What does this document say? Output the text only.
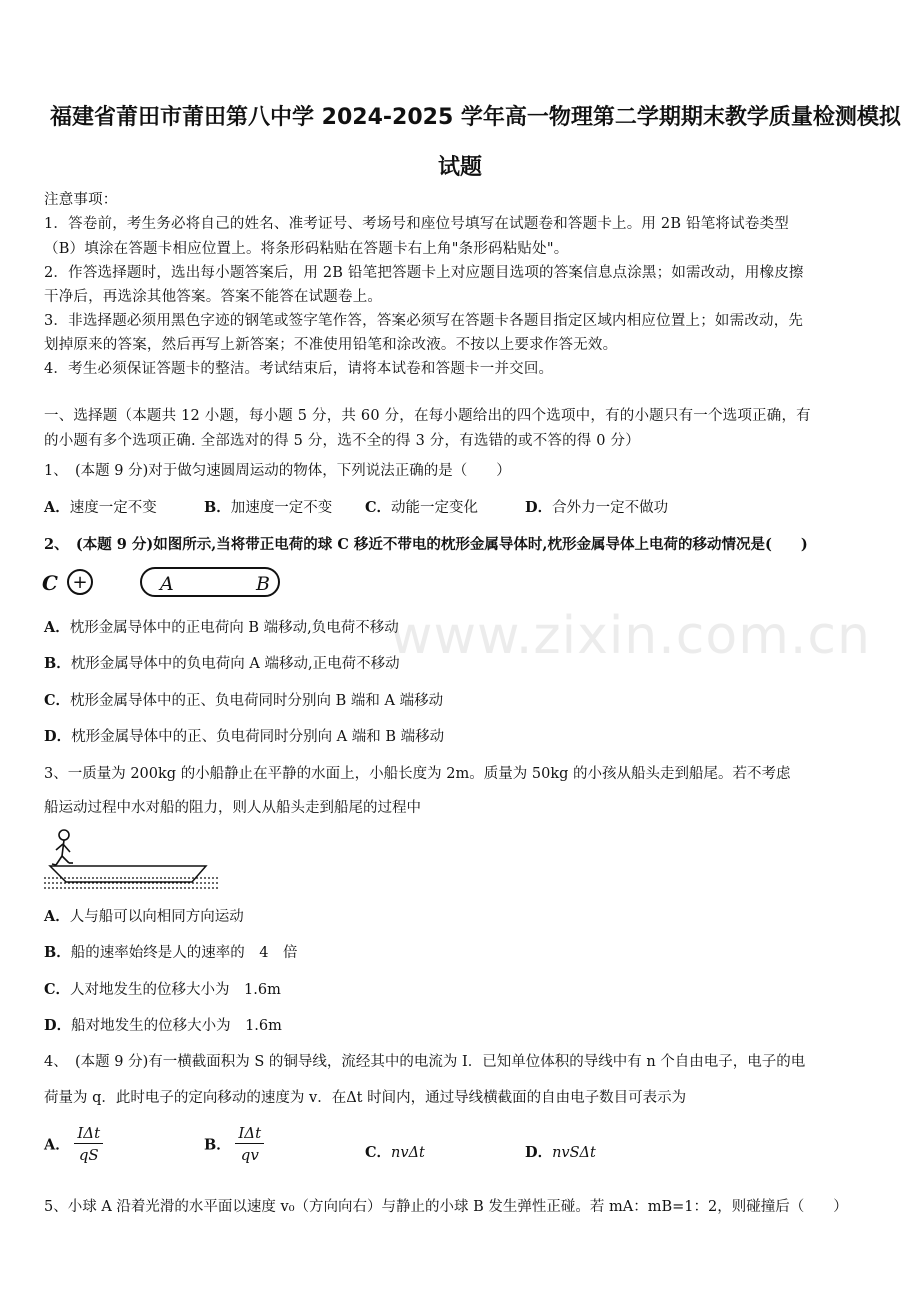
福建省莆田市莆田第八中学 2024-2025 学年高一物理第二学期期末教学质量检测模拟
试题
注意事项：
1．答卷前，考生务必将自己的姓名、准考证号、考场号和座位号填写在试题卷和答题卡上。用 2B 铅笔将试卷类型
（B）填涂在答题卡相应位置上。将条形码粘贴在答题卡右上角"条形码粘贴处"。
2．作答选择题时，选出每小题答案后，用 2B 铅笔把答题卡上对应题目选项的答案信息点涂黑；如需改动，用橡皮擦
干净后，再选涂其他答案。答案不能答在试题卷上。
3．非选择题必须用黑色字迹的钢笔或签字笔作答，答案必须写在答题卡各题目指定区域内相应位置上；如需改动，先
划掉原来的答案，然后再写上新答案；不准使用铅笔和涂改液。不按以上要求作答无效。
4．考生必须保证答题卡的整洁。考试结束后，请将本试卷和答题卡一并交回。
一、选择题（本题共 12 小题，每小题 5 分，共 60 分，在每小题给出的四个选项中，有的小题只有一个选项正确，有
的小题有多个选项正确. 全部选对的得 5 分，选不全的得 3 分，有选错的或不答的得 0 分）
1、　(本题 9 分)对于做匀速圆周运动的物体，下列说法正确的是（　　）
A．速度一定不变	B．加速度一定不变 C．动能一定变化	D．合外力一定不做功
2、　(本题 9 分)如图所示,当将带正电荷的球 C 移近不带电的枕形金属导体时,枕形金属导体上电荷的移动情况是(　　)
C +	A	B
A．枕形金属导体中的正电荷向 B 端移动,负电荷不移动
B．枕形金属导体中的负电荷向 A 端移动,正电荷不移动
C．枕形金属导体中的正、负电荷同时分别向 B 端和 A 端移动
D．枕形金属导体中的正、负电荷同时分别向 A 端和 B 端移动
www.zixin.com.cn
3、一质量为 200kg 的小船静止在平静的水面上，小船长度为 2m。质量为 50kg 的小孩从船头走到船尾。若不考虑
船运动过程中水对船的阻力，则人从船头走到船尾的过程中
A．人与船可以向相同方向运动
B．船的速率始终是人的速率的　4　倍
C．人对地发生的位移大小为　1.6m
D．船对地发生的位移大小为　1.6m
4、　(本题 9 分)有一横截面积为 S 的铜导线，流经其中的电流为 I．已知单位体积的导线中有 n 个自由电子，电子的电
荷量为 q．此时电子的定向移动的速度为 v．在Δt 时间内，通过导线横截面的自由电子数目可表示为
A． $\frac{\text{IΔt}}{qS}$	B． $\frac{\text{IΔt}}{qv}$	C．nvΔt	D．nvSΔt
5、小球 A 沿着光滑的水平面以速度 v₀（方向向右）与静止的小球 B 发生弹性正碰。若 mA：mB=1：2，则碰撞后（　　）
